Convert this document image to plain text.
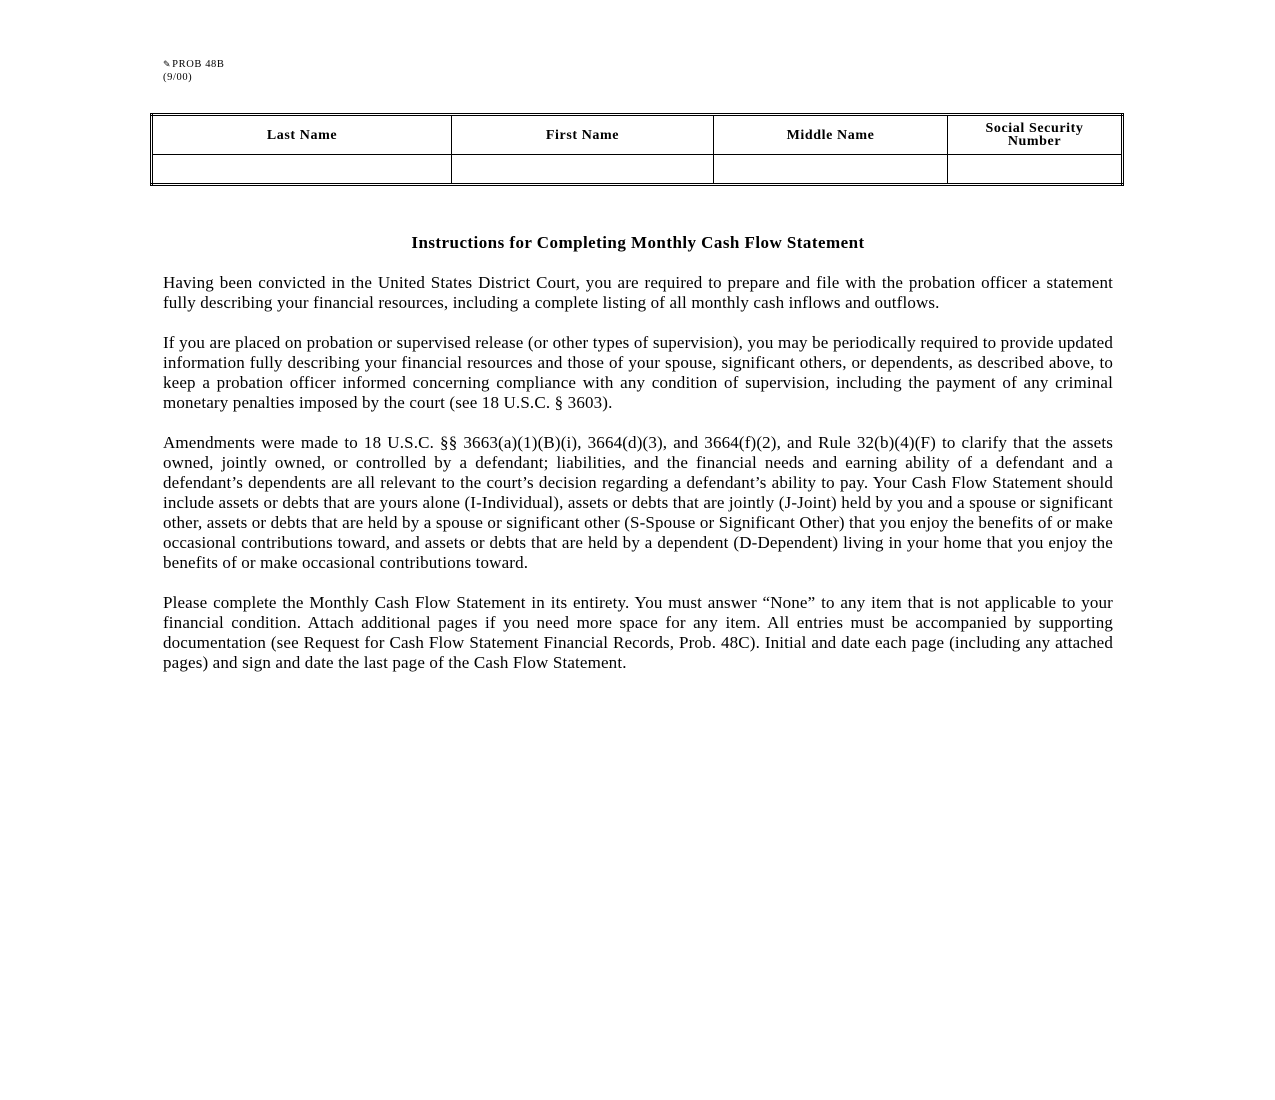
✎PROB 48B
(9/00)
Last Name	First Name	Middle Name	Social Security
Number

Instructions for Completing Monthly Cash Flow Statement

Having been convicted in the United States District Court, you are required to prepare and file with the probation officer a statement fully describing your financial resources, including a complete listing of all monthly cash inflows and outflows.

If you are placed on probation or supervised release (or other types of supervision), you may be periodically required to provide updated information fully describing your financial resources and those of your spouse, significant others, or dependents, as described above, to keep a probation officer informed concerning compliance with any condition of supervision, including the payment of any criminal monetary penalties imposed by the court (see 18 U.S.C. § 3603).

Amendments were made to 18 U.S.C. §§ 3663(a)(1)(B)(i), 3664(d)(3), and 3664(f)(2), and Rule 32(b)(4)(F) to clarify that the assets owned, jointly owned, or controlled by a defendant; liabilities, and the financial needs and earning ability of a defendant and a defendant’s dependents are all relevant to the court’s decision regarding a defendant’s ability to pay. Your Cash Flow Statement should include assets or debts that are yours alone (I-Individual), assets or debts that are jointly (J-Joint) held by you and a spouse or significant other, assets or debts that are held by a spouse or significant other (S-Spouse or Significant Other) that you enjoy the benefits of or make occasional contributions toward, and assets or debts that are held by a dependent (D-Dependent) living in your home that you enjoy the benefits of or make occasional contributions toward.

Please complete the Monthly Cash Flow Statement in its entirety. You must answer “None” to any item that is not applicable to your financial condition. Attach additional pages if you need more space for any item. All entries must be accompanied by supporting documentation (see Request for Cash Flow Statement Financial Records, Prob. 48C). Initial and date each page (including any attached pages) and sign and date the last page of the Cash Flow Statement.
